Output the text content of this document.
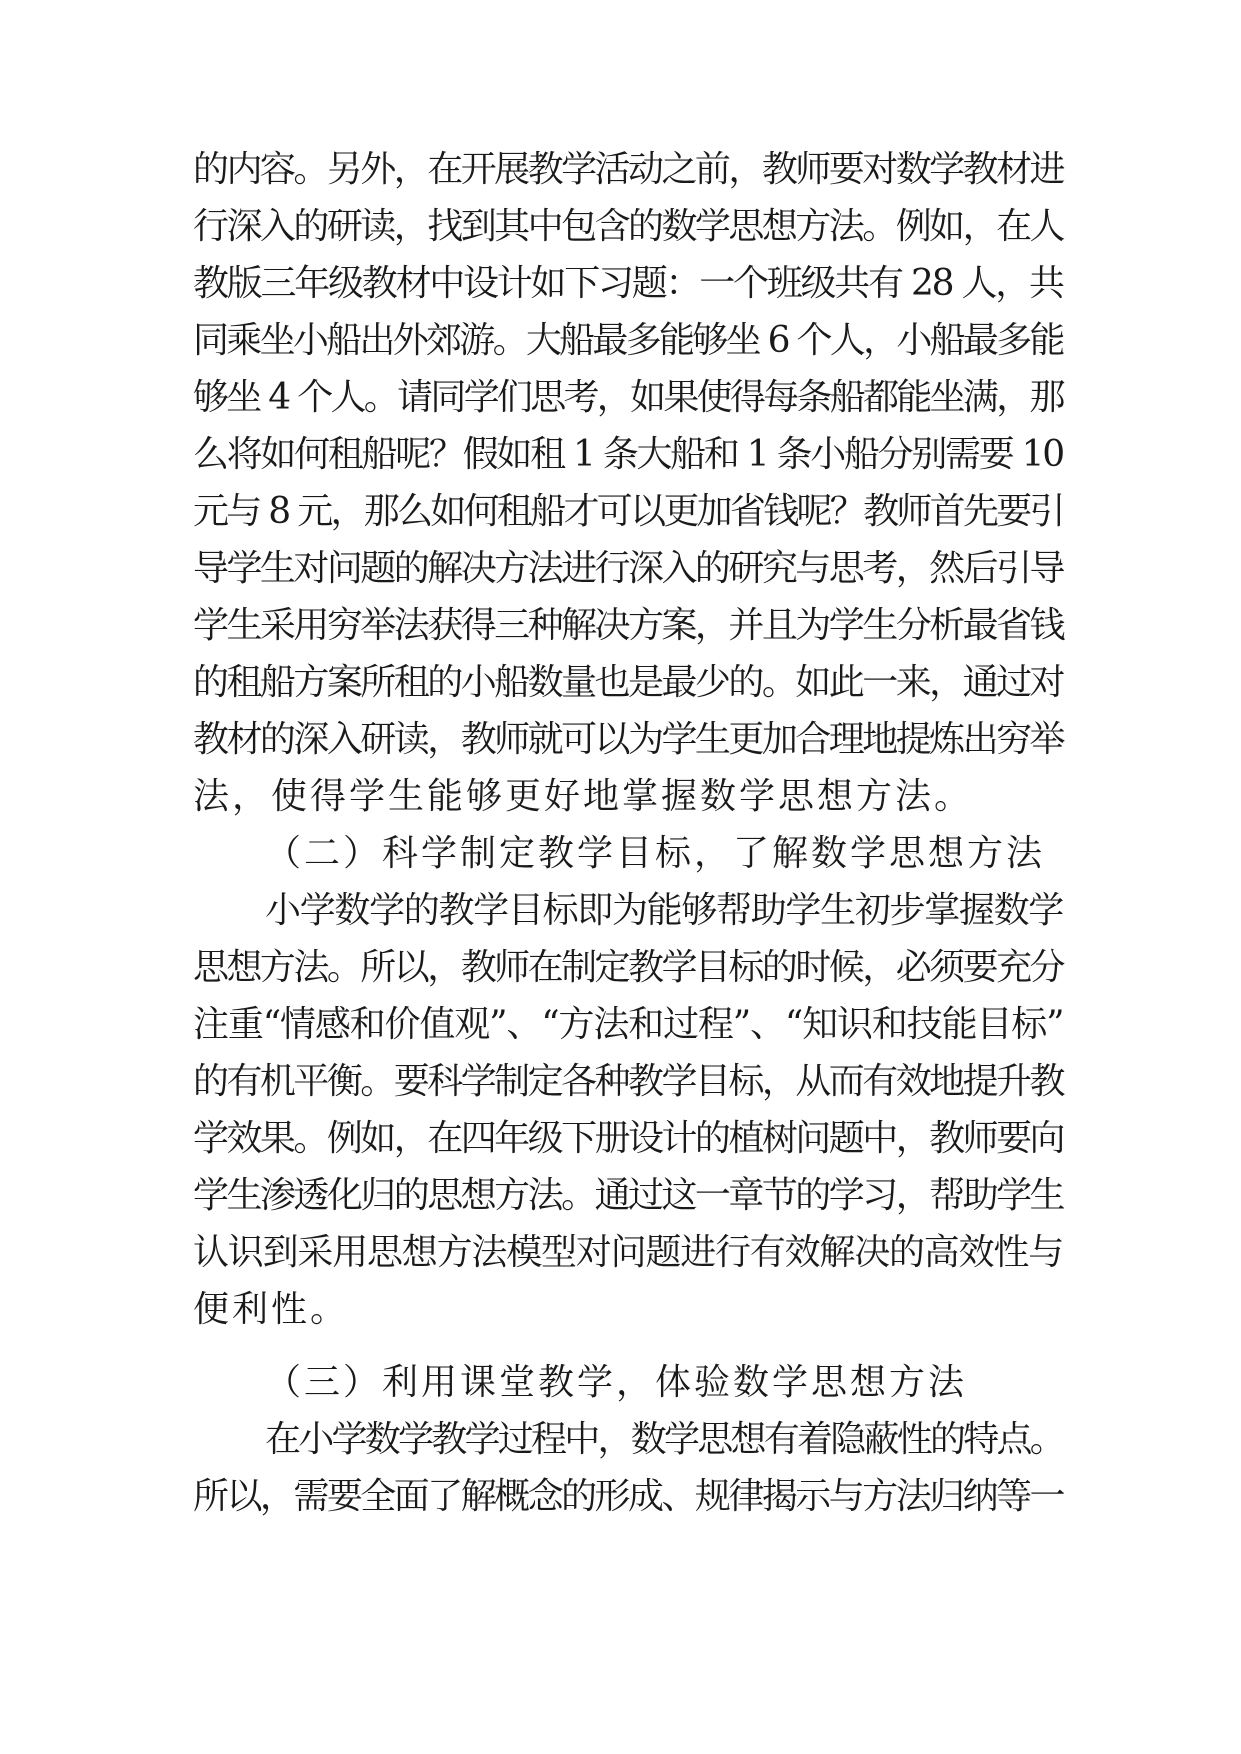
的内容。另外，在开展教学活动之前，教师要对数学教材进
行深入的研读，找到其中包含的数学思想方法。例如，在人
教版三年级教材中设计如下习题：一个班级共有 28 人，共
同乘坐小船出外郊游。大船最多能够坐 6 个人，小船最多能
够坐 4 个人。请同学们思考，如果使得每条船都能坐满，那
么将如何租船呢？假如租 1 条大船和 1 条小船分别需要 10
元与 8 元，那么如何租船才可以更加省钱呢？教师首先要引
导学生对问题的解决方法进行深入的研究与思考，然后引导
学生采用穷举法获得三种解决方案，并且为学生分析最省钱
的租船方案所租的小船数量也是最少的。如此一来，通过对
教材的深入研读，教师就可以为学生更加合理地提炼出穷举
法，使得学生能够更好地掌握数学思想方法。
（二）科学制定教学目标，了解数学思想方法
小学数学的教学目标即为能够帮助学生初步掌握数学
思想方法。所以，教师在制定教学目标的时候，必须要充分
注重“情感和价值观”、“方法和过程”、“知识和技能目标”
的有机平衡。要科学制定各种教学目标，从而有效地提升教
学效果。例如，在四年级下册设计的植树问题中，教师要向
学生渗透化归的思想方法。通过这一章节的学习，帮助学生
认识到采用思想方法模型对问题进行有效解决的高效性与
便利性。
（三）利用课堂教学，体验数学思想方法
在小学数学教学过程中，数学思想有着隐蔽性的特点。
所以，需要全面了解概念的形成、规律揭示与方法归纳等一
